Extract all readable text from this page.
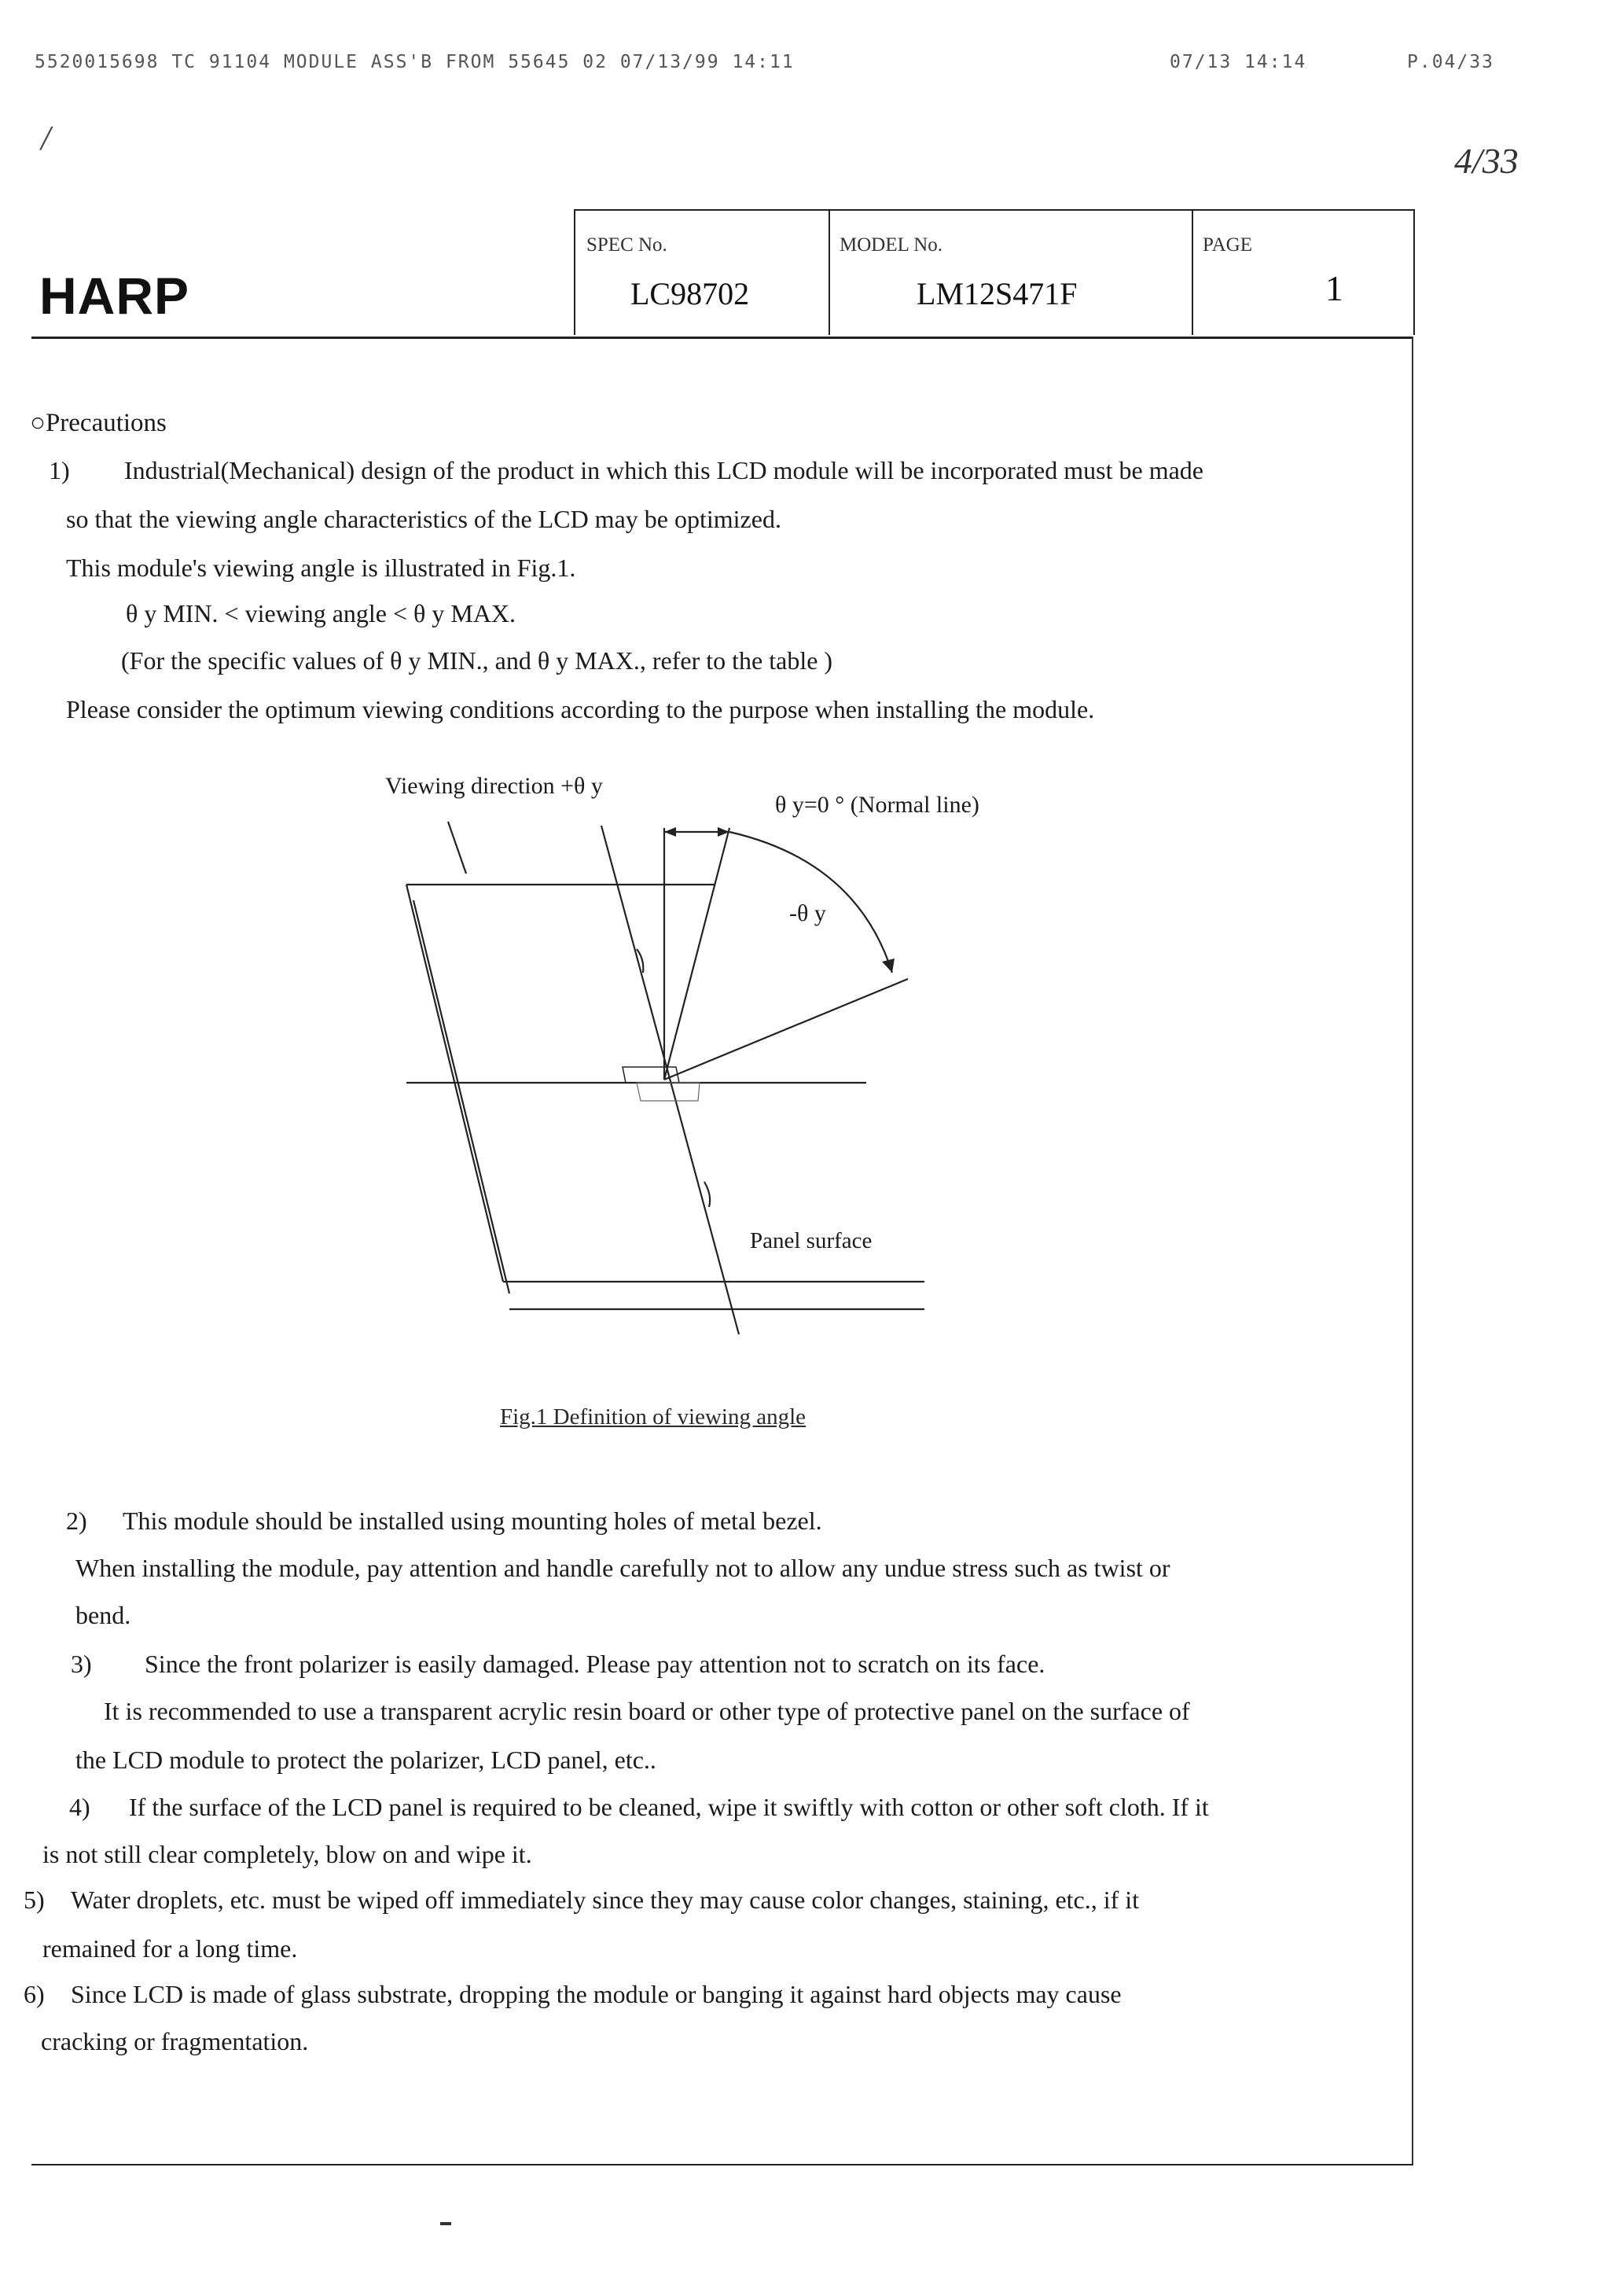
5520015698 TC 91104 MODULE ASS'B FROM 55645 02 07/13/99 14:11	07/13 14:14	P.04/33
/
4/33
HARP
SPEC No.
LC98702
MODEL No.
LM12S471F
PAGE
1
○Precautions
1) Industrial(Mechanical) design of the product in which this LCD module will be incorporated must be made
so that the viewing angle characteristics of the LCD may be optimized.
This module's viewing angle is illustrated in Fig.1.
θ y MIN. < viewing angle < θ y MAX.
(For the specific values of θ y MIN., and θ y MAX., refer to the table )
Please consider the optimum viewing conditions according to the purpose when installing the module.
Viewing direction +θ y
θ y=0 ° (Normal line)
-θ y
Panel surface
Fig.1 Definition of viewing angle
2) This module should be installed using mounting holes of metal bezel.
When installing the module, pay attention and handle carefully not to allow any undue stress such as twist or
bend.
3) Since the front polarizer is easily damaged. Please pay attention not to scratch on its face.
It is recommended to use a transparent acrylic resin board or other type of protective panel on the surface of
the LCD module to protect the polarizer, LCD panel, etc..
4) If the surface of the LCD panel is required to be cleaned, wipe it swiftly with cotton or other soft cloth. If it
is not still clear completely, blow on and wipe it.
5) Water droplets, etc. must be wiped off immediately since they may cause color changes, staining, etc., if it
remained for a long time.
6) Since LCD is made of glass substrate, dropping the module or banging it against hard objects may cause
cracking or fragmentation.
